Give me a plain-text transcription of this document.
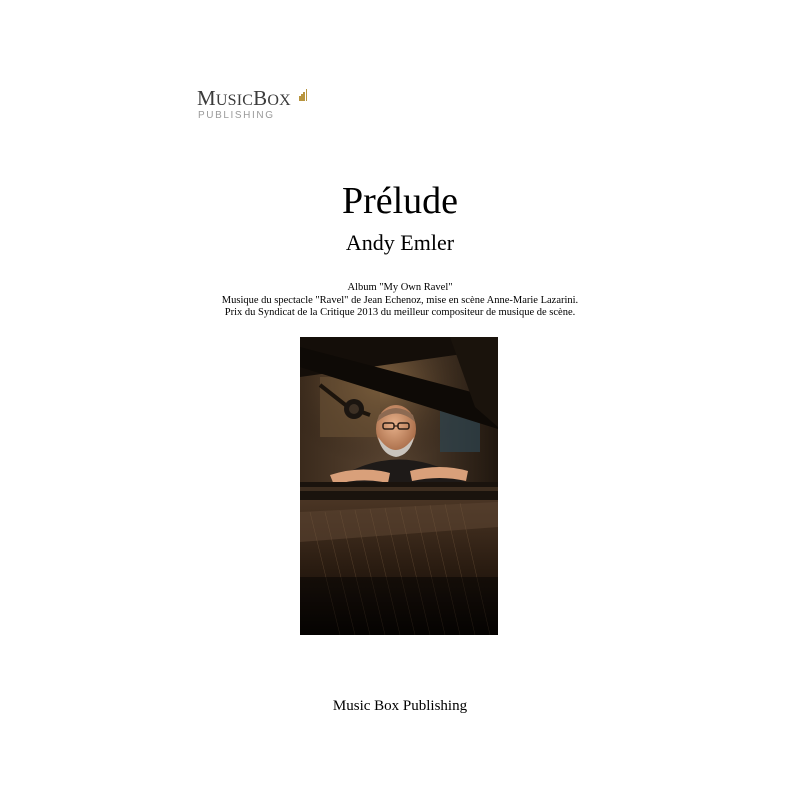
MUSICBOX
PUBLISHING
Prélude
Andy Emler
Album "My Own Ravel"
Musique du spectacle "Ravel" de Jean Echenoz, mise en scène Anne-Marie Lazarini.
Prix du Syndicat de la Critique 2013 du meilleur compositeur de musique de scène.
Music Box Publishing
